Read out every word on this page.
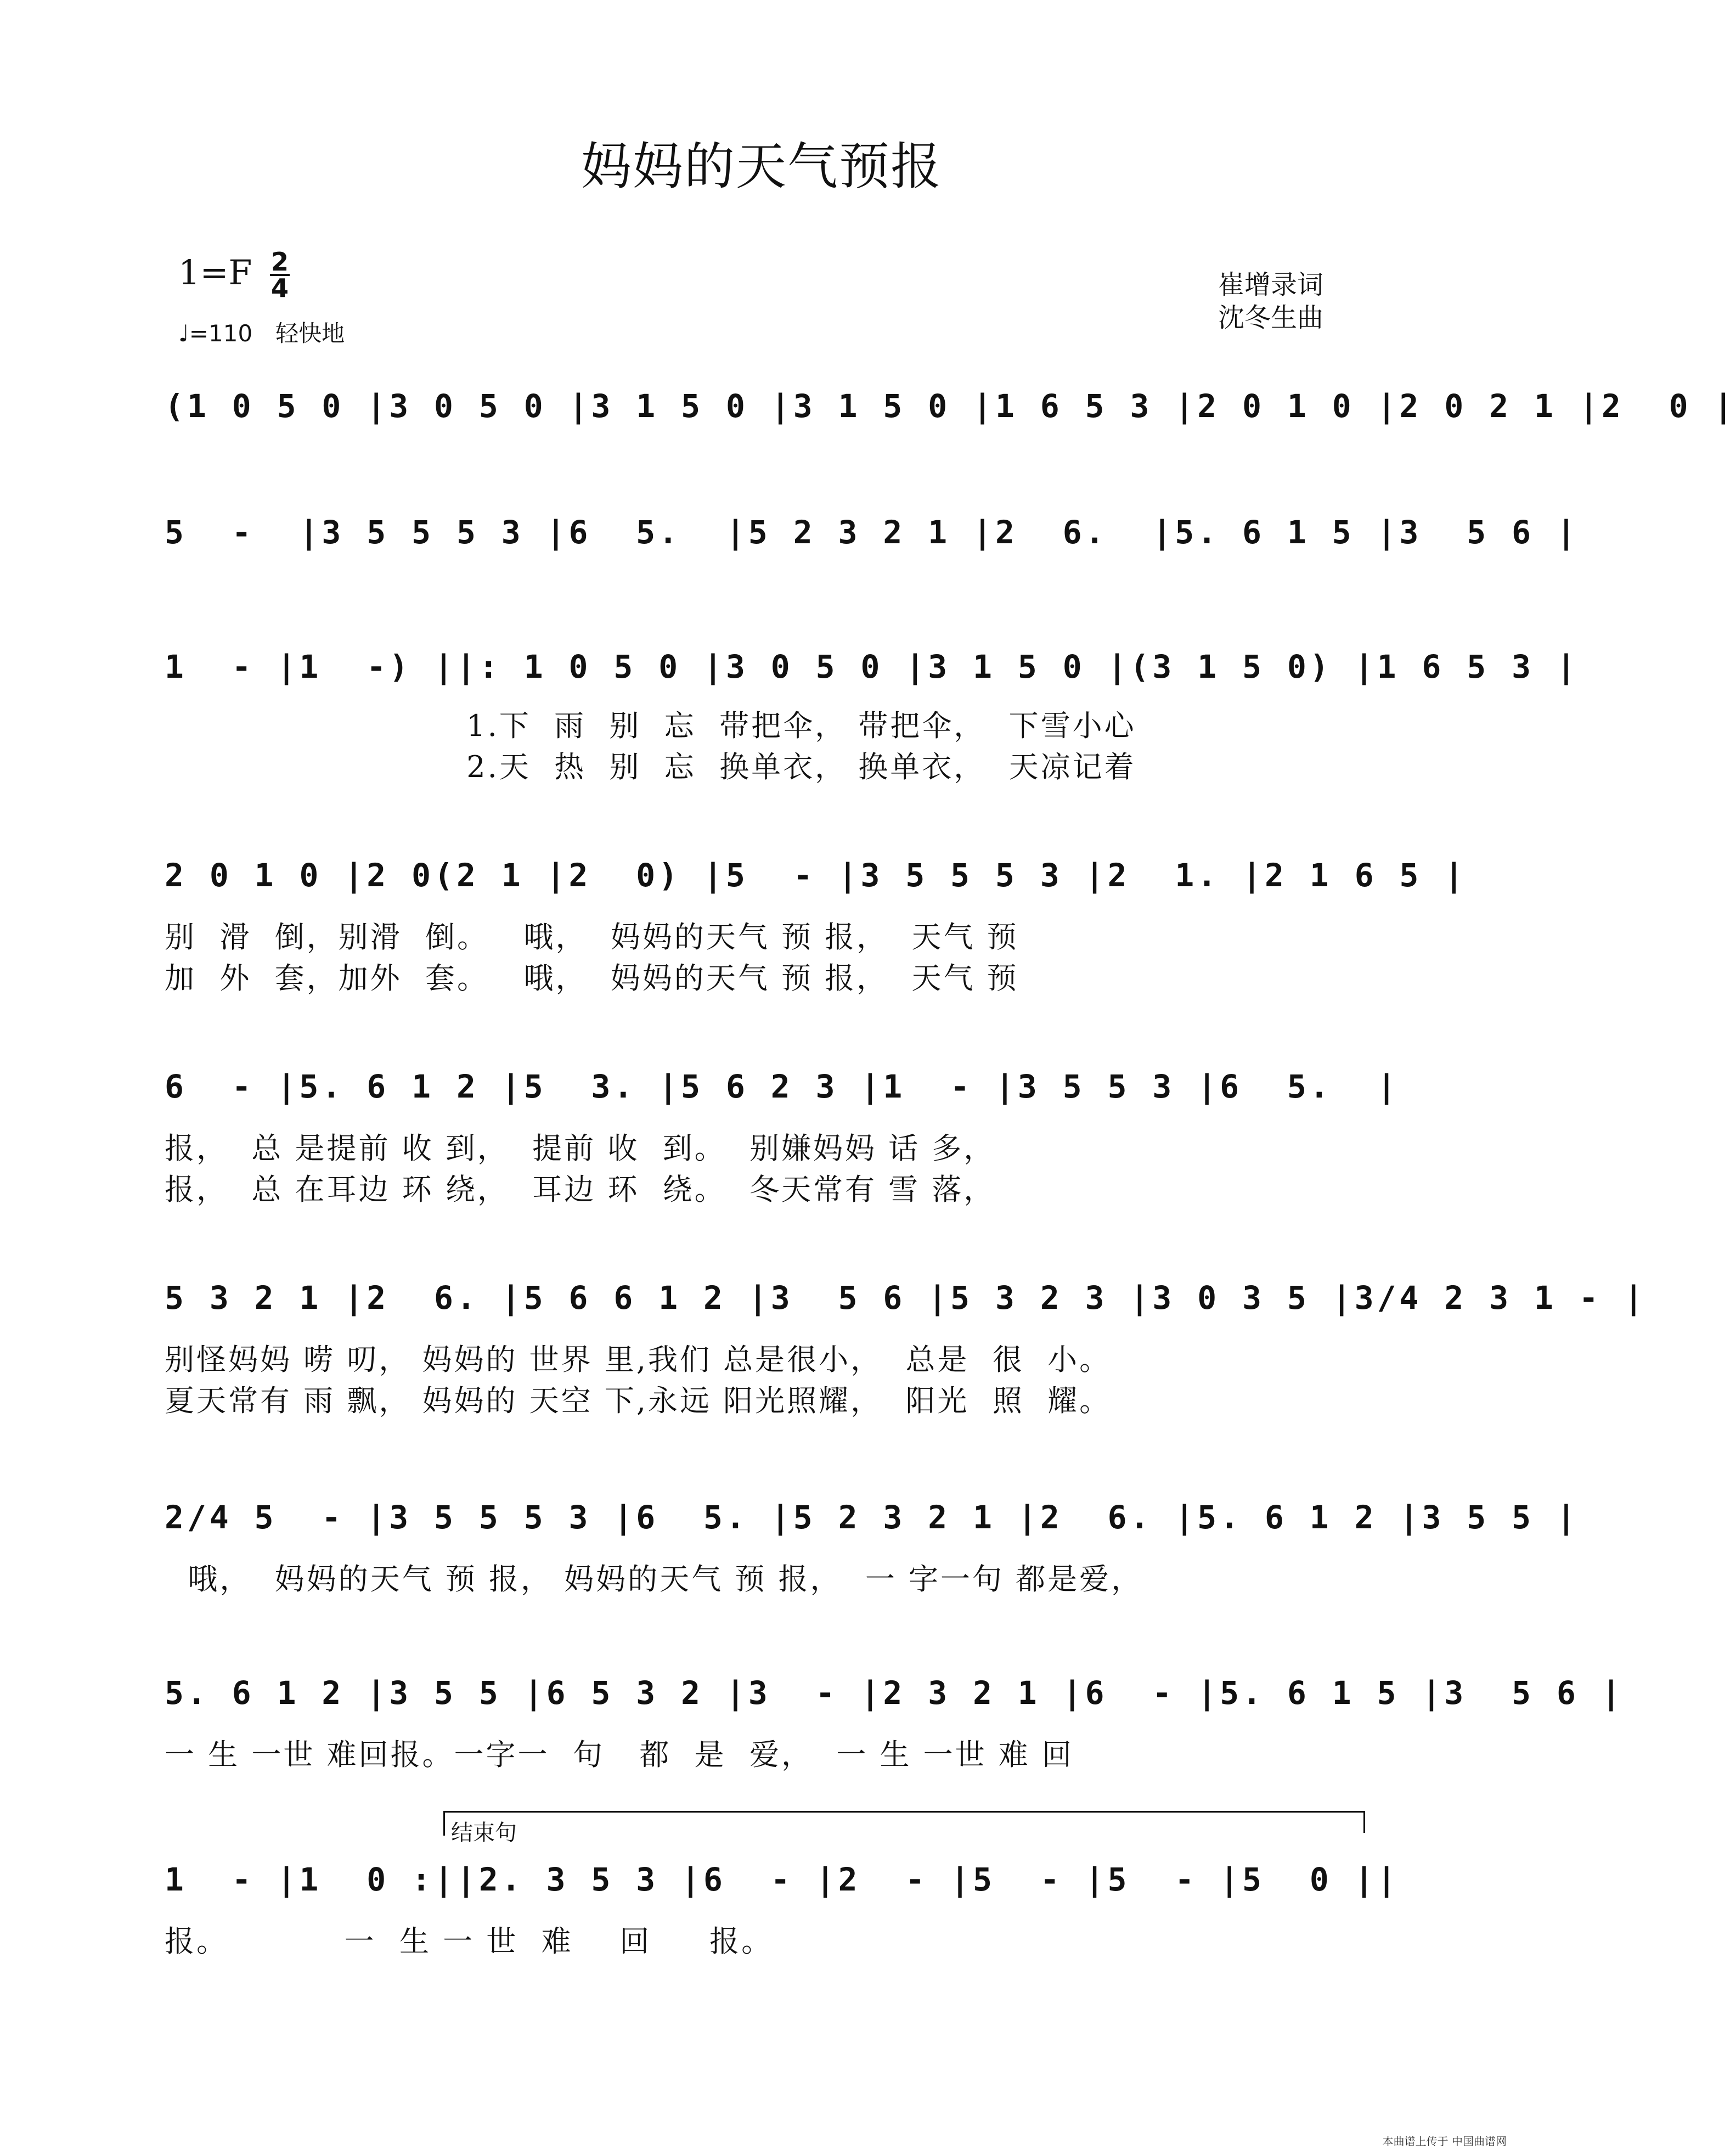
妈妈的天气预报
1=F 2
4
♩=110　轻快地
崔增录词
沈冬生曲
(1 0 5 0 |3 0 5 0 |3 1 5 0 |3 1 5 0 |1 6 5 3 |2 0 1 0 |2 0 2 1 |2  0 |
5  -  |3 5 5 5 3 |6  5.  |5 2 3 2 1 |2  6.  |5. 6 1 5 |3  5 6 |
1  - |1  -) ||: 1 0 5 0 |3 0 5 0 |3 1 5 0 |(3 1 5 0) |1 6 5 3 |
1.下  雨  别  忘  带把伞， 带把伞，  下雪小心
2.天  热  别  忘  换单衣， 换单衣，  天凉记着
2 0 1 0 |2 0(2 1 |2  0) |5  - |3 5 5 5 3 |2  1. |2 1 6 5 |
别  滑  倒，别滑  倒。   哦，  妈妈的天气 预 报，  天气 预
加  外  套，加外  套。   哦，  妈妈的天气 预 报，  天气 预
6  - |5. 6 1 2 |5  3. |5 6 2 3 |1  - |3 5 5 3 |6  5.  |
报，  总 是提前 收 到，  提前 收  到。  别嫌妈妈 话 多，
报，  总 在耳边 环 绕，  耳边 环  绕。  冬天常有 雪 落，
5 3 2 1 |2  6. |5 6 6 1 2 |3  5 6 |5 3 2 3 |3 0 3 5 |3/4 2 3 1 - |
别怪妈妈 唠 叨， 妈妈的 世界 里,我们 总是很小，  总是  很  小。
夏天常有 雨 飘， 妈妈的 天空 下,永远 阳光照耀，  阳光  照  耀。
2/4 5  - |3 5 5 5 3 |6  5. |5 2 3 2 1 |2  6. |5. 6 1 2 |3 5 5 |
哦，  妈妈的天气 预 报， 妈妈的天气 预 报，  一 字一句 都是爱，
5. 6 1 2 |3 5 5 |6 5 3 2 |3  - |2 3 2 1 |6  - |5. 6 1 5 |3  5 6 |
一 生 一世 难回报。一字一  句   都  是  爱，  一 生 一世 难 回
结束句
1  - |1  0 :||2. 3 5 3 |6  - |2  - |5  - |5  - |5  0 ||
报。          一  生 一 世  难    回     报。
本曲谱上传于 中国曲谱网
